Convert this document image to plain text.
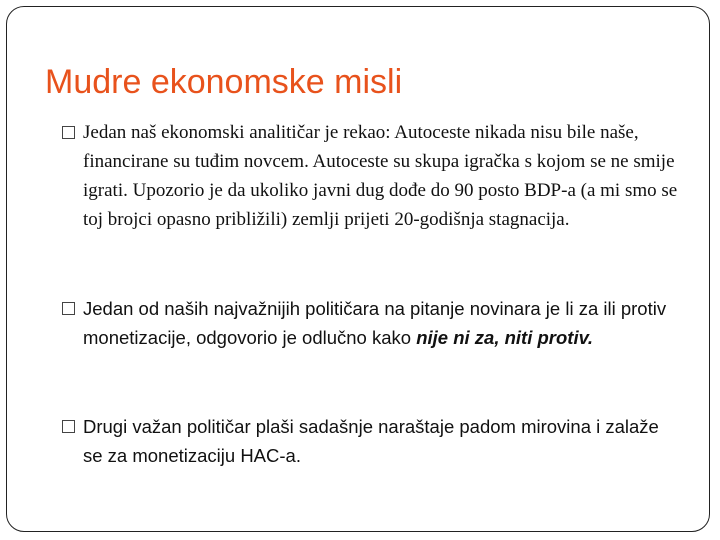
Mudre ekonomske misli
Jedan naš ekonomski analitičar je rekao: Autoceste nikada nisu bile naše, financirane su tuđim novcem. Autoceste su skupa igračka s kojom se ne smije igrati. Upozorio je da ukoliko javni dug dođe do 90 posto BDP-a (a mi smo se toj brojci opasno približili) zemlji prijeti 20-godišnja stagnacija.
Jedan od naših najvažnijih političara na pitanje novinara je li za ili protiv monetizacije, odgovorio je odlučno kako nije ni za, niti protiv.
Drugi važan političar plaši sadašnje naraštaje padom mirovina i zalaže se za monetizaciju HAC-a.
